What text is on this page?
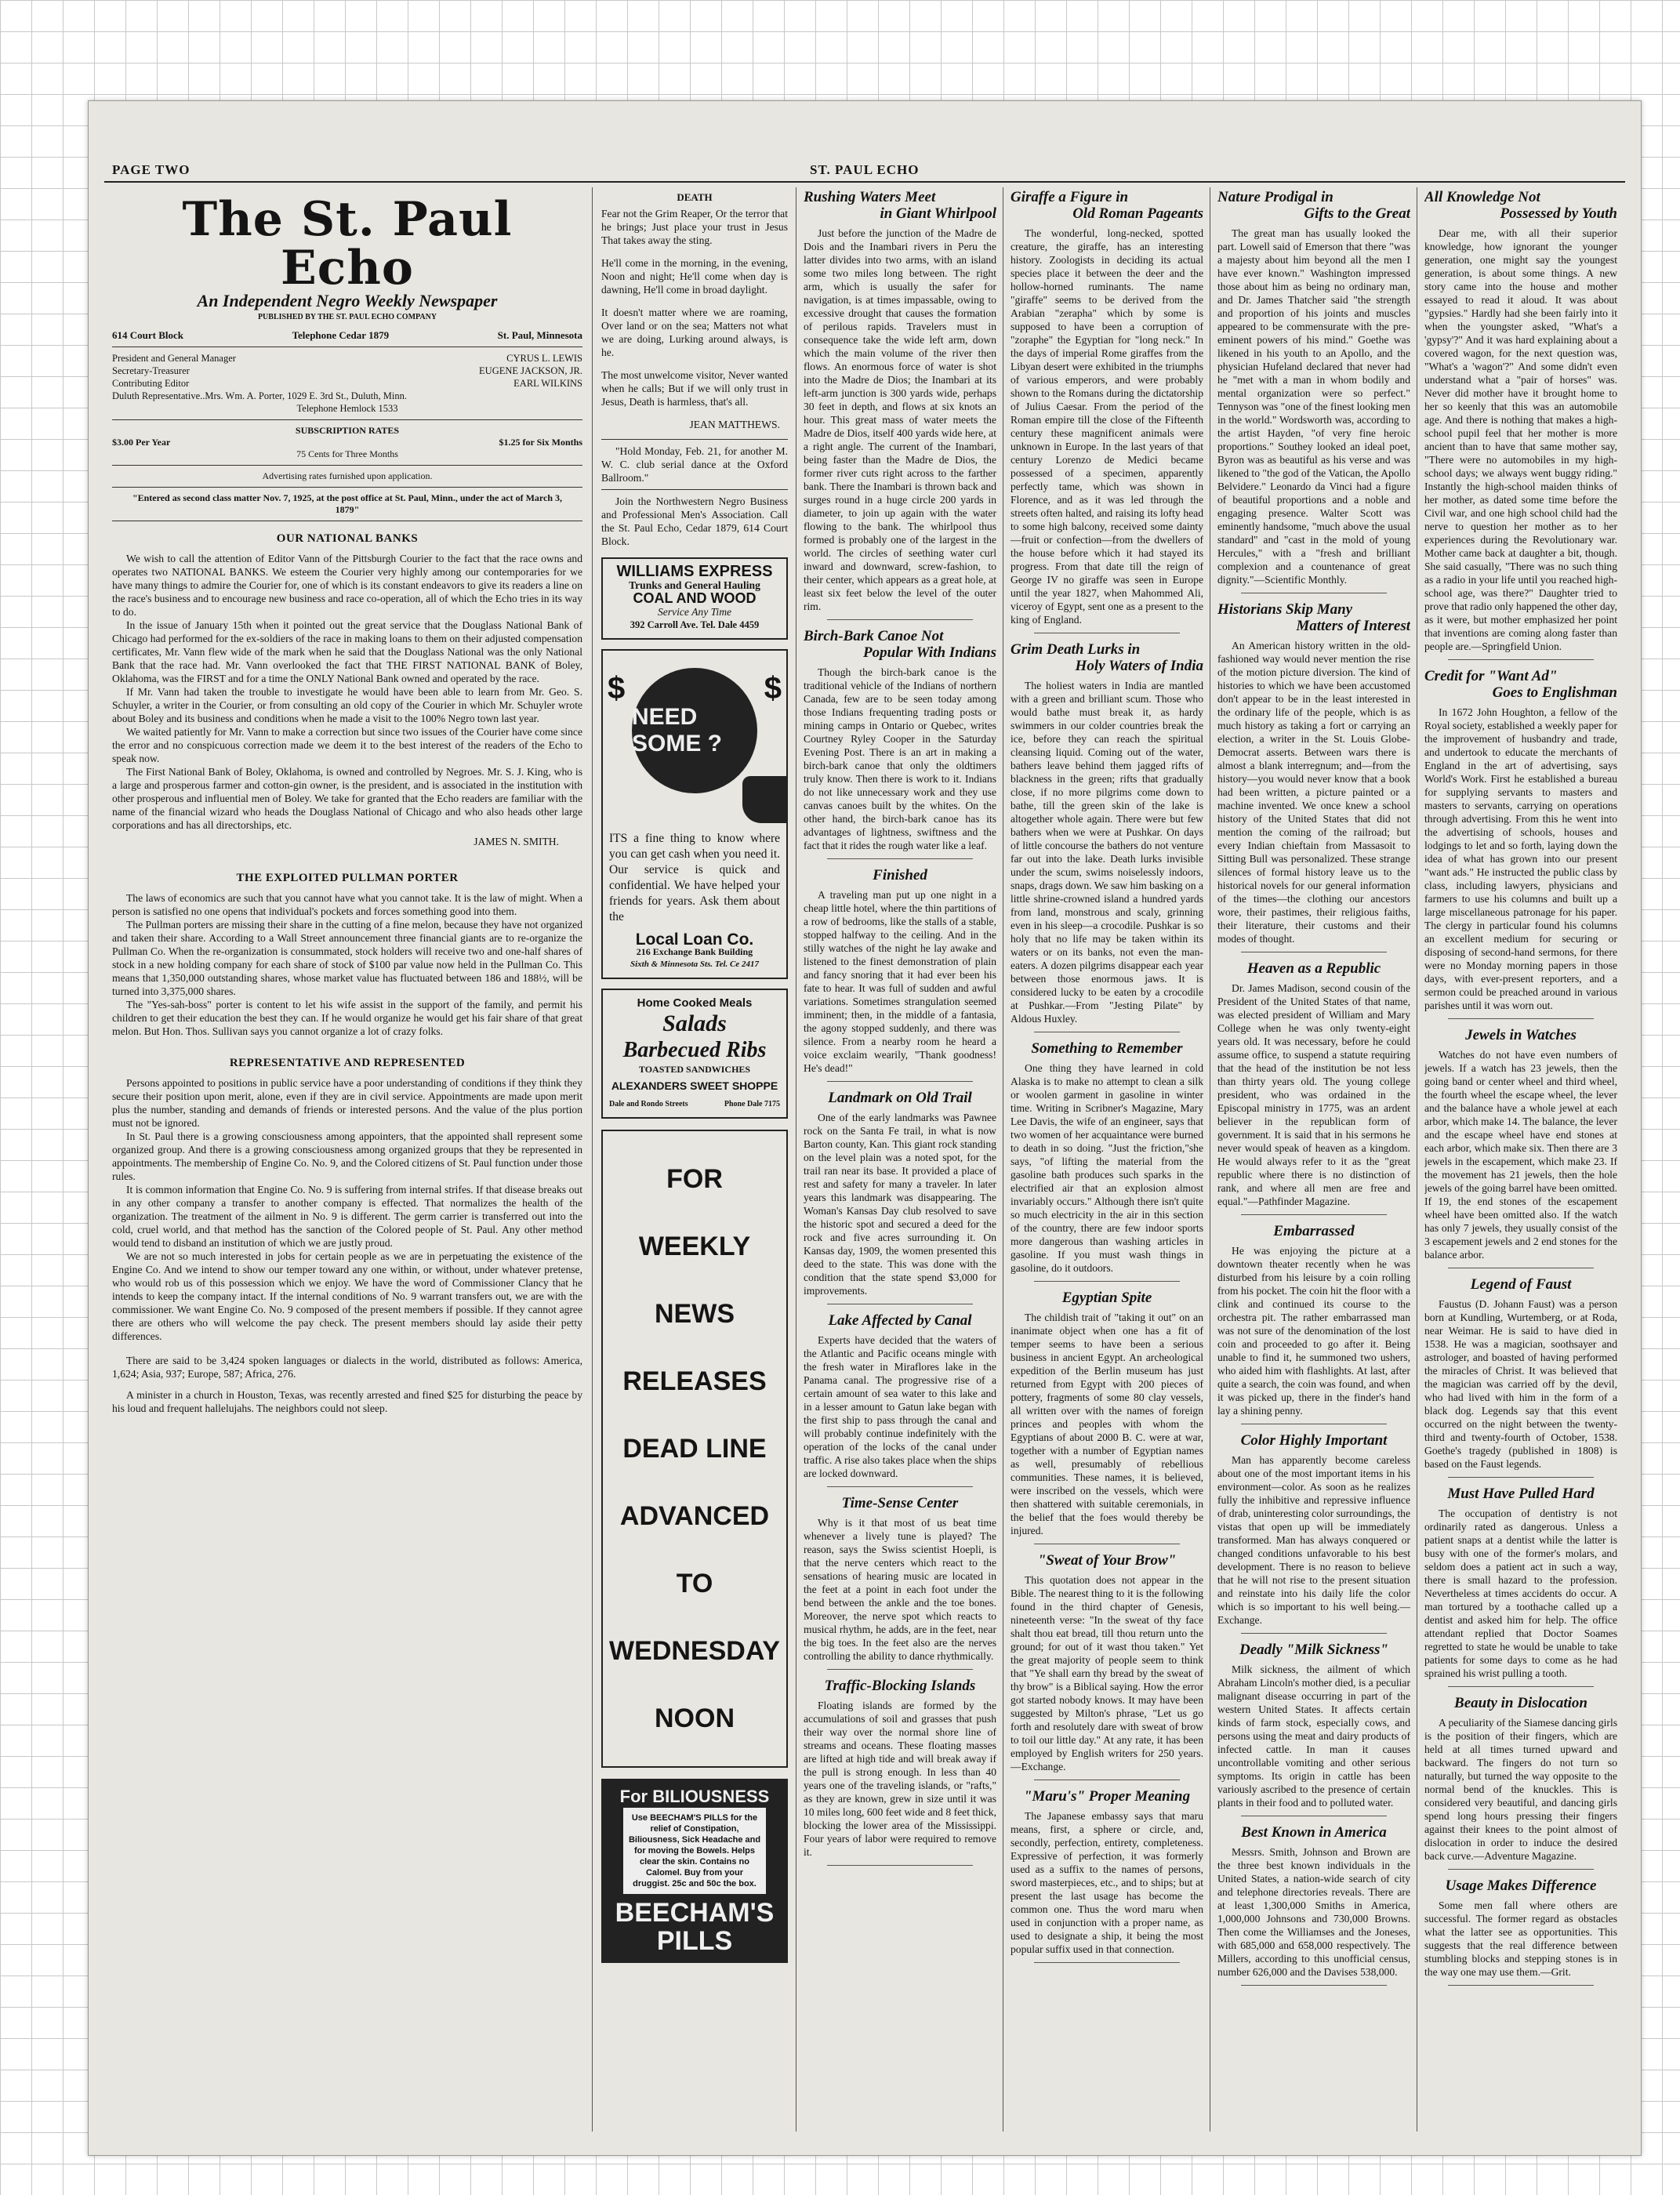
PAGE TWO	ST. PAUL ECHO
The St. Paul Echo
An Independent Negro Weekly Newspaper
PUBLISHED BY THE ST. PAUL ECHO COMPANY
614 Court Block	Telephone Cedar 1879	St. Paul, Minnesota
President and General Manager	CYRUS L. LEWIS
Secretary-Treasurer	EUGENE JACKSON, JR.
Contributing Editor	EARL WILKINS
Duluth Representative..Mrs. Wm. A. Porter, 1029 E. 3rd St., Duluth, Minn.
Telephone Hemlock 1533
SUBSCRIPTION RATES
$3.00 Per Year	$1.25 for Six Months
75 Cents for Three Months
Advertising rates furnished upon application.
"Entered as second class matter Nov. 7, 1925, at the post office at St. Paul, Minn., under the act of March 3, 1879"
OUR NATIONAL BANKS

We wish to call the attention of Editor Vann of the Pittsburgh Courier to the fact that the race owns and operates two NATIONAL BANKS. We esteem the Courier very highly among our contemporaries for we have many things to admire the Courier for, one of which is its constant endeavors to give its readers a line on the race's business and to encourage new business and race co-operation, all of which the Echo tries in its way to do.

In the issue of January 15th when it pointed out the great service that the Douglass National Bank of Chicago had performed for the ex-soldiers of the race in making loans to them on their adjusted compensation certificates, Mr. Vann flew wide of the mark when he said that the Douglass National was the only National Bank that the race had. Mr. Vann overlooked the fact that THE FIRST NATIONAL BANK of Boley, Oklahoma, was the FIRST and for a time the ONLY National Bank owned and operated by the race.

If Mr. Vann had taken the trouble to investigate he would have been able to learn from Mr. Geo. S. Schuyler, a writer in the Courier, or from consulting an old copy of the Courier in which Mr. Schuyler wrote about Boley and its business and conditions when he made a visit to the 100% Negro town last year.

We waited patiently for Mr. Vann to make a correction but since two issues of the Courier have come since the error and no conspicuous correction made we deem it to the best interest of the readers of the Echo to speak now.

The First National Bank of Boley, Oklahoma, is owned and controlled by Negroes. Mr. S. J. King, who is a large and prosperous farmer and cotton-gin owner, is the president, and is associated in the institution with other prosperous and influential men of Boley. We take for granted that the Echo readers are familiar with the name of the financial wizard who heads the Douglass National of Chicago and who also heads other large corporations and has all directorships, etc.

JAMES N. SMITH.
THE EXPLOITED PULLMAN PORTER

The laws of economics are such that you cannot have what you cannot take. It is the law of might. When a person is satisfied no one opens that individual's pockets and forces something good into them.

The Pullman porters are missing their share in the cutting of a fine melon, because they have not organized and taken their share. According to a Wall Street announcement three financial giants are to re-organize the Pullman Co. When the re-organization is consummated, stock holders will receive two and one-half shares of stock in a new holding company for each share of stock of $100 par value now held in the Pullman Co. This means that 1,350,000 outstanding shares, whose market value has fluctuated between 186 and 188½, will be turned into 3,375,000 shares.

The "Yes-sah-boss" porter is content to let his wife assist in the support of the family, and permit his children to get their education the best they can. If he would organize he would get his fair share of that great melon. But Hon. Thos. Sullivan says you cannot organize a lot of crazy folks.

REPRESENTATIVE AND REPRESENTED

Persons appointed to positions in public service have a poor understanding of conditions if they think they secure their position upon merit, alone, even if they are in civil service. Appointments are made upon merit plus the number, standing and demands of friends or interested persons. And the value of the plus portion must not be ignored.

In St. Paul there is a growing consciousness among appointers, that the appointed shall represent some organized group. And there is a growing consciousness among organized groups that they be represented in appointments. The membership of Engine Co. No. 9, and the Colored citizens of St. Paul function under those rules.

It is common information that Engine Co. No. 9 is suffering from internal strifes. If that disease breaks out in any other company a transfer to another company is effected. That normalizes the health of the organization. The treatment of the ailment in No. 9 is different. The germ carrier is transferred out into the cold, cruel world, and that method has the sanction of the Colored people of St. Paul. Any other method would tend to disband an institution of which we are justly proud.

We are not so much interested in jobs for certain people as we are in perpetuating the existence of the Engine Co. And we intend to show our temper toward any one within, or without, under whatever pretense, who would rob us of this possession which we enjoy. We have the word of Commissioner Clancy that he intends to keep the company intact. If the internal conditions of No. 9 warrant transfers out, we are with the commissioner. We want Engine Co. No. 9 composed of the present members if possible. If they cannot agree there are others who will welcome the pay check. The present members should lay aside their petty differences.

There are said to be 3,424 spoken languages or dialects in the world, distributed as follows: America, 1,624; Asia, 937; Europe, 587; Africa, 276.

A minister in a church in Houston, Texas, was recently arrested and fined $25 for disturbing the peace by his loud and frequent hallelujahs. The neighbors could not sleep.

DEATH
Fear not the Grim Reaper, Or the terror that he brings; Just place your trust in Jesus That takes away the sting.
He'll come in the morning, in the evening, Noon and night; He'll come when day is dawning, He'll come in broad daylight.
It doesn't matter where we are roaming, Over land or on the sea; Matters not what we are doing, Lurking around always, is he.
The most unwelcome visitor, Never wanted when he calls; But if we will only trust in Jesus, Death is harmless, that's all.
JEAN MATTHEWS.

"Hold Monday, Feb. 21, for another M. W. C. club serial dance at the Oxford Ballroom."

Join the Northwestern Negro Business and Professional Men's Association. Call the St. Paul Echo, Cedar 1879, 614 Court Block.

WILLIAMS EXPRESS
Trunks and General Hauling
COAL AND WOOD
Service Any Time
392 Carroll Ave. Tel. Dale 4459
$	$
NEED SOME ?
ITS a fine thing to know where you can get cash when you need it. Our service is quick and confidential. We have helped your friends for years. Ask them about the
Local Loan Co.
216 Exchange Bank Building
Sixth & Minnesota Sts. Tel. Ce 2417
Home Cooked Meals
Salads
Barbecued Ribs
TOASTED SANDWICHES
ALEXANDERS SWEET SHOPPE
Dale and Rondo Streets	Phone Dale 7175
FOR
WEEKLY
NEWS
RELEASES
DEAD LINE
ADVANCED
TO
WEDNESDAY
NOON
For BILIOUSNESS
Use BEECHAM'S PILLS for the relief of Constipation, Biliousness, Sick Headache and for moving the Bowels. Helps clear the skin. Contains no Calomel. Buy from your druggist. 25c and 50c the box.
BEECHAM'S PILLS
Rushing Waters Meet
in Giant Whirlpool

Just before the junction of the Madre de Dois and the Inambari rivers in Peru the latter divides into two arms, with an island some two miles long between. The right arm, which is usually the safer for navigation, is at times impassable, owing to excessive drought that causes the formation of perilous rapids. Travelers must in consequence take the wide left arm, down which the main volume of the river then flows. An enormous force of water is shot into the Madre de Dios; the Inambari at its left-arm junction is 300 yards wide, perhaps 30 feet in depth, and flows at six knots an hour. This great mass of water meets the Madre de Dios, itself 400 yards wide here, at a right angle. The current of the Inambari, being faster than the Madre de Dios, the former river cuts right across to the farther bank. There the Inambari is thrown back and surges round in a huge circle 200 yards in diameter, to join up again with the water flowing to the bank. The whirlpool thus formed is probably one of the largest in the world. The circles of seething water curl inward and downward, screw-fashion, to their center, which appears as a great hole, at least six feet below the level of the outer rim.

Birch-Bark Canoe Not
Popular With Indians

Though the birch-bark canoe is the traditional vehicle of the Indians of northern Canada, few are to be seen today among those Indians frequenting trading posts or mining camps in Ontario or Quebec, writes Courtney Ryley Cooper in the Saturday Evening Post. There is an art in making a birch-bark canoe that only the oldtimers truly know. Then there is work to it. Indians do not like unnecessary work and they use canvas canoes built by the whites. On the other hand, the birch-bark canoe has its advantages of lightness, swiftness and the fact that it rides the rough water like a leaf.

Finished

A traveling man put up one night in a cheap little hotel, where the thin partitions of a row of bedrooms, like the stalls of a stable, stopped halfway to the ceiling. And in the stilly watches of the night he lay awake and listened to the finest demonstration of plain and fancy snoring that it had ever been his fate to hear. It was full of sudden and awful variations. Sometimes strangulation seemed imminent; then, in the middle of a fantasia, the agony stopped suddenly, and there was silence. From a nearby room he heard a voice exclaim wearily, "Thank goodness! He's dead!"

Landmark on Old Trail

One of the early landmarks was Pawnee rock on the Santa Fe trail, in what is now Barton county, Kan. This giant rock standing on the level plain was a noted spot, for the trail ran near its base. It provided a place of rest and safety for many a traveler. In later years this landmark was disappearing. The Woman's Kansas Day club resolved to save the historic spot and secured a deed for the rock and five acres surrounding it. On Kansas day, 1909, the women presented this deed to the state. This was done with the condition that the state spend $3,000 for improvements.

Lake Affected by Canal

Experts have decided that the waters of the Atlantic and Pacific oceans mingle with the fresh water in Miraflores lake in the Panama canal. The progressive rise of a certain amount of sea water to this lake and in a lesser amount to Gatun lake began with the first ship to pass through the canal and will probably continue indefinitely with the operation of the locks of the canal under traffic. A rise also takes place when the ships are locked downward.

Time-Sense Center

Why is it that most of us beat time whenever a lively tune is played? The reason, says the Swiss scientist Hoepli, is that the nerve centers which react to the sensations of hearing music are located in the feet at a point in each foot under the bend between the ankle and the toe bones. Moreover, the nerve spot which reacts to musical rhythm, he adds, are in the feet, near the big toes. In the feet also are the nerves controlling the ability to dance rhythmically.

Traffic-Blocking Islands

Floating islands are formed by the accumulations of soil and grasses that push their way over the normal shore line of streams and oceans. These floating masses are lifted at high tide and will break away if the pull is strong enough. In less than 40 years one of the traveling islands, or "rafts," as they are known, grew in size until it was 10 miles long, 600 feet wide and 8 feet thick, blocking the lower area of the Mississippi. Four years of labor were required to remove it.

Giraffe a Figure in
Old Roman Pageants

The wonderful, long-necked, spotted creature, the giraffe, has an interesting history. Zoologists in deciding its actual species place it between the deer and the hollow-horned ruminants. The name "giraffe" seems to be derived from the Arabian "zerapha" which by some is supposed to have been a corruption of "zoraphe" the Egyptian for "long neck." In the days of imperial Rome giraffes from the Libyan desert were exhibited in the triumphs of various emperors, and were probably shown to the Romans during the dictatorship of Julius Caesar. From the period of the Roman empire till the close of the Fifteenth century these magnificent animals were unknown in Europe. In the last years of that century Lorenzo de Medici became possessed of a specimen, apparently perfectly tame, which was shown in Florence, and as it was led through the streets often halted, and raising its lofty head to some high balcony, received some dainty—fruit or confection—from the dwellers of the house before which it had stayed its progress. From that date till the reign of George IV no giraffe was seen in Europe until the year 1827, when Mahommed Ali, viceroy of Egypt, sent one as a present to the king of England.

Grim Death Lurks in
Holy Waters of India

The holiest waters in India are mantled with a green and brilliant scum. Those who would bathe must break it, as hardy swimmers in our colder countries break the ice, before they can reach the spiritual cleansing liquid. Coming out of the water, bathers leave behind them jagged rifts of blackness in the green; rifts that gradually close, if no more pilgrims come down to bathe, till the green skin of the lake is altogether whole again. There were but few bathers when we were at Pushkar. On days of little concourse the bathers do not venture far out into the lake. Death lurks invisible under the scum, swims noiselessly indoors, snaps, drags down. We saw him basking on a little shrine-crowned island a hundred yards from land, monstrous and scaly, grinning even in his sleep—a crocodile. Pushkar is so holy that no life may be taken within its waters or on its banks, not even the man-eaters. A dozen pilgrims disappear each year between those enormous jaws. It is considered lucky to be eaten by a crocodile at Pushkar.—From "Jesting Pilate" by Aldous Huxley.

Something to Remember

One thing they have learned in cold Alaska is to make no attempt to clean a silk or woolen garment in gasoline in winter time. Writing in Scribner's Magazine, Mary Lee Davis, the wife of an engineer, says that two women of her acquaintance were burned to death in so doing. "Just the friction,"she says, "of lifting the material from the gasoline bath produces such sparks in the electrified air that an explosion almost invariably occurs." Although there isn't quite so much electricity in the air in this section of the country, there are few indoor sports more dangerous than washing articles in gasoline. If you must wash things in gasoline, do it outdoors.

Egyptian Spite

The childish trait of "taking it out" on an inanimate object when one has a fit of temper seems to have been a serious business in ancient Egypt. An archeological expedition of the Berlin museum has just returned from Egypt with 200 pieces of pottery, fragments of some 80 clay vessels, all written over with the names of foreign princes and peoples with whom the Egyptians of about 2000 B. C. were at war, together with a number of Egyptian names as well, presumably of rebellious communities. These names, it is believed, were inscribed on the vessels, which were then shattered with suitable ceremonials, in the belief that the foes would thereby be injured.

"Sweat of Your Brow"

This quotation does not appear in the Bible. The nearest thing to it is the following found in the third chapter of Genesis, nineteenth verse: "In the sweat of thy face shalt thou eat bread, till thou return unto the ground; for out of it wast thou taken." Yet the great majority of people seem to think that "Ye shall earn thy bread by the sweat of thy brow" is a Biblical saying. How the error got started nobody knows. It may have been suggested by Milton's phrase, "Let us go forth and resolutely dare with sweat of brow to toil our little day." At any rate, it has been employed by English writers for 250 years.—Exchange.

"Maru's" Proper Meaning

The Japanese embassy says that maru means, first, a sphere or circle, and, secondly, perfection, entirety, completeness. Expressive of perfection, it was formerly used as a suffix to the names of persons, sword masterpieces, etc., and to ships; but at present the last usage has become the common one. Thus the word maru when used in conjunction with a proper name, as used to designate a ship, it being the most popular suffix used in that connection.

Nature Prodigal in
Gifts to the Great

The great man has usually looked the part. Lowell said of Emerson that there "was a majesty about him beyond all the men I have ever known." Washington impressed those about him as being no ordinary man, and Dr. James Thatcher said "the strength and proportion of his joints and muscles appeared to be commensurate with the pre-eminent powers of his mind." Goethe was likened in his youth to an Apollo, and the physician Hufeland declared that never had he "met with a man in whom bodily and mental organization were so perfect." Tennyson was "one of the finest looking men in the world." Wordsworth was, according to the artist Hayden, "of very fine heroic proportions." Southey looked an ideal poet, Byron was as beautiful as his verse and was likened to "the god of the Vatican, the Apollo Belvidere." Leonardo da Vinci had a figure of beautiful proportions and a noble and engaging presence. Walter Scott was eminently handsome, "much above the usual standard" and "cast in the mold of young Hercules," with a "fresh and brilliant complexion and a countenance of great dignity."—Scientific Monthly.

Historians Skip Many
Matters of Interest

An American history written in the old-fashioned way would never mention the rise of the motion picture diversion. The kind of histories to which we have been accustomed don't appear to be in the least interested in the ordinary life of the people, which is as much history as taking a fort or carrying an election, a writer in the St. Louis Globe-Democrat asserts. Between wars there is almost a blank interregnum; and—from the history—you would never know that a book had been written, a picture painted or a machine invented. We once knew a school history of the United States that did not mention the coming of the railroad; but every Indian chieftain from Massasoit to Sitting Bull was personalized. These strange silences of formal history leave us to the historical novels for our general information of the times—the clothing our ancestors wore, their pastimes, their religious faiths, their literature, their customs and their modes of thought.

Heaven as a Republic

Dr. James Madison, second cousin of the President of the United States of that name, was elected president of William and Mary College when he was only twenty-eight years old. It was necessary, before he could assume office, to suspend a statute requiring that the head of the institution be not less than thirty years old. The young college president, who was ordained in the Episcopal ministry in 1775, was an ardent believer in the republican form of government. It is said that in his sermons he never would speak of heaven as a kingdom. He would always refer to it as the "great republic where there is no distinction of rank, and where all men are free and equal."—Pathfinder Magazine.

Embarrassed

He was enjoying the picture at a downtown theater recently when he was disturbed from his leisure by a coin rolling from his pocket. The coin hit the floor with a clink and continued its course to the orchestra pit. The rather embarrassed man was not sure of the denomination of the lost coin and proceeded to go after it. Being unable to find it, he summoned two ushers, who aided him with flashlights. At last, after quite a search, the coin was found, and when it was picked up, there in the finder's hand lay a shining penny.

Color Highly Important

Man has apparently become careless about one of the most important items in his environment—color. As soon as he realizes fully the inhibitive and repressive influence of drab, uninteresting color surroundings, the vistas that open up will be immediately transformed. Man has always conquered or changed conditions unfavorable to his best development. There is no reason to believe that he will not rise to the present situation and reinstate into his daily life the color which is so important to his well being.—Exchange.

Deadly "Milk Sickness"

Milk sickness, the ailment of which Abraham Lincoln's mother died, is a peculiar malignant disease occurring in part of the western United States. It affects certain kinds of farm stock, especially cows, and persons using the meat and dairy products of infected cattle. In man it causes uncontrollable vomiting and other serious symptoms. Its origin in cattle has been variously ascribed to the presence of certain plants in their food and to polluted water.

Best Known in America

Messrs. Smith, Johnson and Brown are the three best known individuals in the United States, a nation-wide search of city and telephone directories reveals. There are at least 1,300,000 Smiths in America, 1,000,000 Johnsons and 730,000 Browns. Then come the Williamses and the Joneses, with 685,000 and 658,000 respectively. The Millers, according to this unofficial census, number 626,000 and the Davises 538,000.

All Knowledge Not
Possessed by Youth

Dear me, with all their superior knowledge, how ignorant the younger generation, one might say the youngest generation, is about some things. A new story came into the house and mother essayed to read it aloud. It was about "gypsies." Hardly had she been fairly into it when the youngster asked, "What's a 'gypsy'?" And it was hard explaining about a covered wagon, for the next question was, "What's a 'wagon'?" And some didn't even understand what a "pair of horses" was. Never did mother have it brought home to her so keenly that this was an automobile age. And there is nothing that makes a high-school pupil feel that her mother is more ancient than to have that same mother say, "There were no automobiles in my high-school days; we always went buggy riding." Instantly the high-school maiden thinks of her mother, as dated some time before the Civil war, and one high school child had the nerve to question her mother as to her experiences during the Revolutionary war. Mother came back at daughter a bit, though. She said casually, "There was no such thing as a radio in your life until you reached high-school age, was there?" Daughter tried to prove that radio only happened the other day, as it were, but mother emphasized her point that inventions are coming along faster than people are.—Springfield Union.

Credit for "Want Ad"
Goes to Englishman

In 1672 John Houghton, a fellow of the Royal society, established a weekly paper for the improvement of husbandry and trade, and undertook to educate the merchants of England in the art of advertising, says World's Work. First he established a bureau for supplying servants to masters and masters to servants, carrying on operations through advertising. From this he went into the advertising of schools, houses and lodgings to let and so forth, laying down the idea of what has grown into our present "want ads." He instructed the public class by class, including lawyers, physicians and farmers to use his columns and built up a large miscellaneous patronage for his paper. The clergy in particular found his columns an excellent medium for securing or disposing of second-hand sermons, for there were no Monday morning papers in those days, with ever-present reporters, and a sermon could be preached around in various parishes until it was worn out.

Jewels in Watches

Watches do not have even numbers of jewels. If a watch has 23 jewels, then the going band or center wheel and third wheel, the fourth wheel the escape wheel, the lever and the balance have a whole jewel at each arbor, which make 14. The balance, the lever and the escape wheel have end stones at each arbor, which make six. Then there are 3 jewels in the escapement, which make 23. If the movement has 21 jewels, then the hole jewels of the going barrel have been omitted. If 19, the end stones of the escapement wheel have been omitted also. If the watch has only 7 jewels, they usually consist of the 3 escapement jewels and 2 end stones for the balance arbor.

Legend of Faust

Faustus (D. Johann Faust) was a person born at Kundling, Wurtemberg, or at Roda, near Weimar. He is said to have died in 1538. He was a magician, soothsayer and astrologer, and boasted of having performed the miracles of Christ. It was believed that the magician was carried off by the devil, who had lived with him in the form of a black dog. Legends say that this event occurred on the night between the twenty-third and twenty-fourth of October, 1538. Goethe's tragedy (published in 1808) is based on the Faust legends.

Must Have Pulled Hard

The occupation of dentistry is not ordinarily rated as dangerous. Unless a patient snaps at a dentist while the latter is busy with one of the former's molars, and seldom does a patient act in such a way, there is small hazard to the profession. Nevertheless at times accidents do occur. A man tortured by a toothache called up a dentist and asked him for help. The office attendant replied that Doctor Soames regretted to state he would be unable to take patients for some days to come as he had sprained his wrist pulling a tooth.

Beauty in Dislocation

A peculiarity of the Siamese dancing girls is the position of their fingers, which are held at all times turned upward and backward. The fingers do not turn so naturally, but turned the way opposite to the normal bend of the knuckles. This is considered very beautiful, and dancing girls spend long hours pressing their fingers against their knees to the point almost of dislocation in order to induce the desired back curve.—Adventure Magazine.

Usage Makes Difference

Some men fall where others are successful. The former regard as obstacles what the latter see as opportunities. This suggests that the real difference between stumbling blocks and stepping stones is in the way one may use them.—Grit.
